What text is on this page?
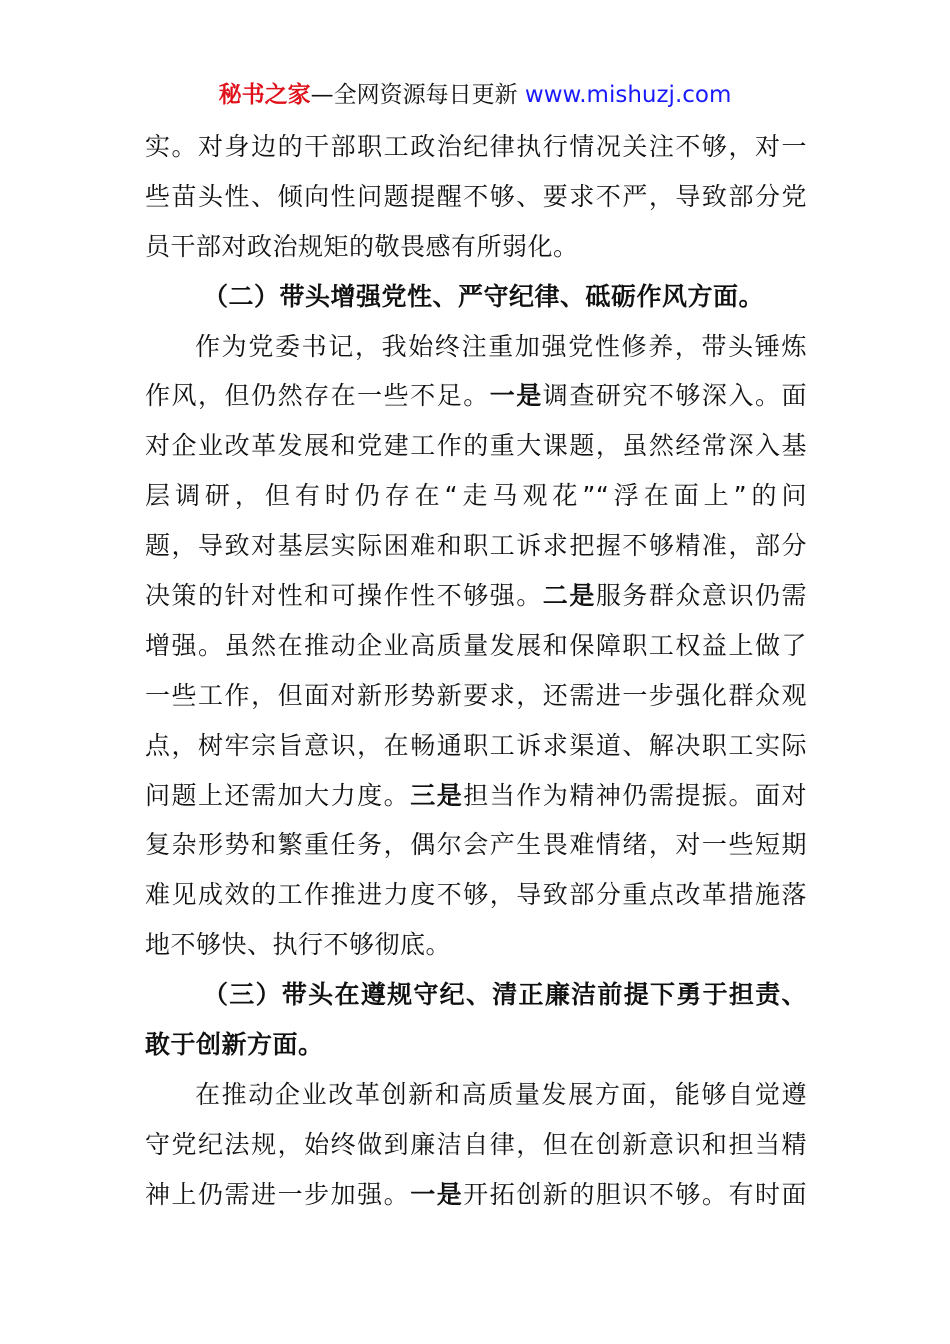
秘书之家—全网资源每日更新 www.mishuzj.com
实。对身边的干部职工政治纪律执行情况关注不够，对一
些苗头性、倾向性问题提醒不够、要求不严，导致部分党
员干部对政治规矩的敬畏感有所弱化。
（二）带头增强党性、严守纪律、砥砺作风方面。
作为党委书记，我始终注重加强党性修养，带头锤炼
作风，但仍然存在一些不足。一是调查研究不够深入。面
对企业改革发展和党建工作的重大课题，虽然经常深入基
层调研，但有时仍存在“走马观花”“浮在面上”的问
题，导致对基层实际困难和职工诉求把握不够精准，部分
决策的针对性和可操作性不够强。二是服务群众意识仍需
增强。虽然在推动企业高质量发展和保障职工权益上做了
一些工作，但面对新形势新要求，还需进一步强化群众观
点，树牢宗旨意识，在畅通职工诉求渠道、解决职工实际
问题上还需加大力度。三是担当作为精神仍需提振。面对
复杂形势和繁重任务，偶尔会产生畏难情绪，对一些短期
难见成效的工作推进力度不够，导致部分重点改革措施落
地不够快、执行不够彻底。
（三）带头在遵规守纪、清正廉洁前提下勇于担责、
敢于创新方面。
在推动企业改革创新和高质量发展方面，能够自觉遵
守党纪法规，始终做到廉洁自律，但在创新意识和担当精
神上仍需进一步加强。一是开拓创新的胆识不够。有时面
